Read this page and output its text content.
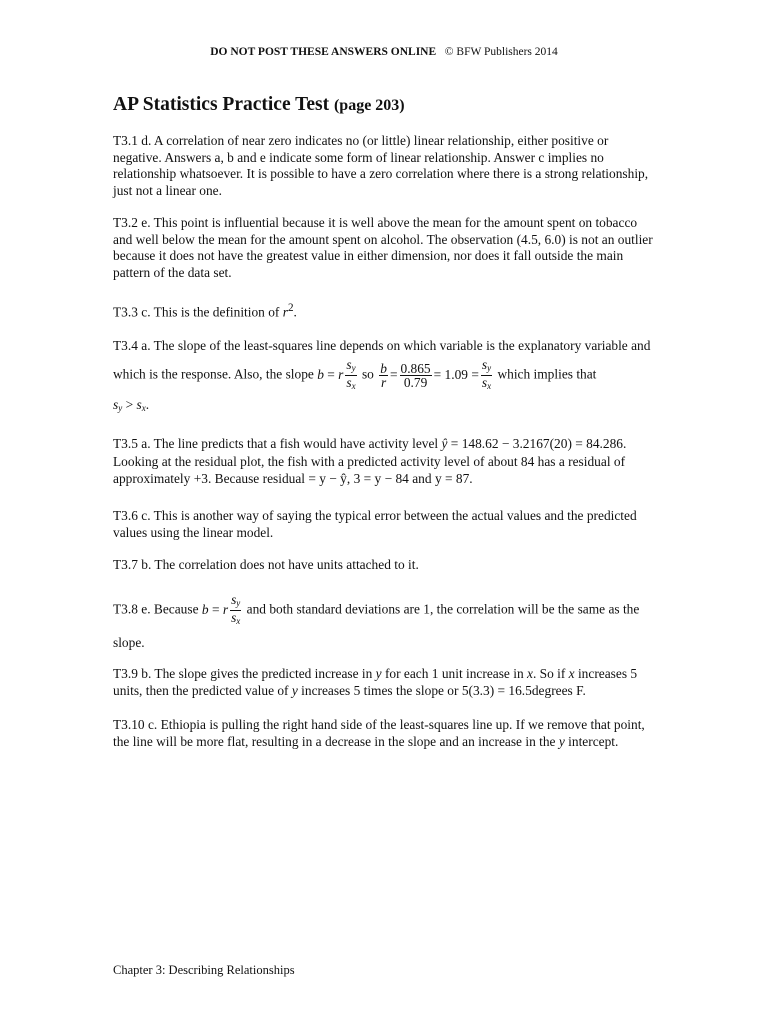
DO NOT POST THESE ANSWERS ONLINE © BFW Publishers 2014
AP Statistics Practice Test (page 203)

T3.1 d. A correlation of near zero indicates no (or little) linear relationship, either positive or negative. Answers a, b and e indicate some form of linear relationship. Answer c implies no relationship whatsoever. It is possible to have a zero correlation where there is a strong relationship, just not a linear one.

T3.2 e. This point is influential because it is well above the mean for the amount spent on tobacco and well below the mean for the amount spent on alcohol. The observation (4.5, 6.0) is not an outlier because it does not have the greatest value in either dimension, nor does it fall outside the main pattern of the data set.

T3.3 c. This is the definition of $r^2$.

T3.4 a. The slope of the least-squares line depends on which variable is the explanatory variable and which is the response. Also, the slope b = r $\frac{s_y}{s_x}$ so $\frac{b}{r} = \frac{0.865}{0.79} = 1.09 = \frac{s_y}{s_x}$ which implies that
$s_y > s_x$.

T3.5 a. The line predicts that a fish would have activity level ŷ = 148.62 − 3.2167(20) = 84.286. Looking at the residual plot, the fish with a predicted activity level of about 84 has a residual of approximately +3. Because residual = y − ŷ, 3 = y − 84 and y = 87.

T3.6 c. This is another way of saying the typical error between the actual values and the predicted values using the linear model.

T3.7 b. The correlation does not have units attached to it.

T3.8 e. Because b = r $\frac{s_y}{s_x}$ and both standard deviations are 1, the correlation will be the same as the slope.

T3.9 b. The slope gives the predicted increase in y for each 1 unit increase in x. So if x increases 5 units, then the predicted value of y increases 5 times the slope or 5(3.3) = 16.5degrees F.

T3.10 c. Ethiopia is pulling the right hand side of the least-squares line up. If we remove that point, the line will be more flat, resulting in a decrease in the slope and an increase in the y intercept.

Chapter 3: Describing Relationships
